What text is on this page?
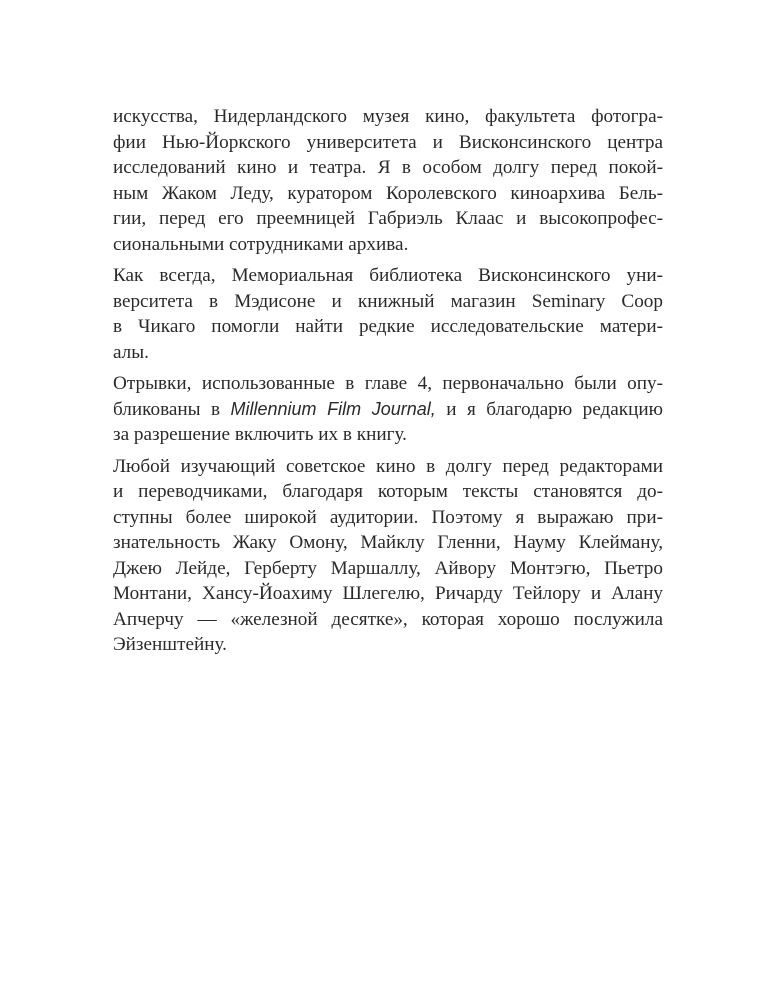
искусства, Нидерландского музея кино, факультета фотогра-
фии Нью-Йоркского университета и Висконсинского центра
исследований кино и театра. Я в особом долгу перед покой-
ным Жаком Леду, куратором Королевского киноархива Бель-
гии, перед его преемницей Габриэль Клаас и высокопрофес-
сиональными сотрудниками архива.

Как всегда, Мемориальная библиотека Висконсинского уни-
верситета в Мэдисоне и книжный магазин Seminary Coop
в Чикаго помогли найти редкие исследовательские матери-
алы.

Отрывки, использованные в главе 4, первоначально были опу-
бликованы в Millennium Film Journal, и я благодарю редакцию
за разрешение включить их в книгу.

Любой изучающий советское кино в долгу перед редакторами
и переводчиками, благодаря которым тексты становятся до-
ступны более широкой аудитории. Поэтому я выражаю при-
знательность Жаку Омону, Майклу Гленни, Науму Клейману,
Джею Лейде, Герберту Маршаллу, Айвору Монтэгю, Пьетро
Монтани, Хансу-Йоахиму Шлегелю, Ричарду Тейлору и Алану
Апчерчу — «железной десятке», которая хорошо послужила
Эйзенштейну.
